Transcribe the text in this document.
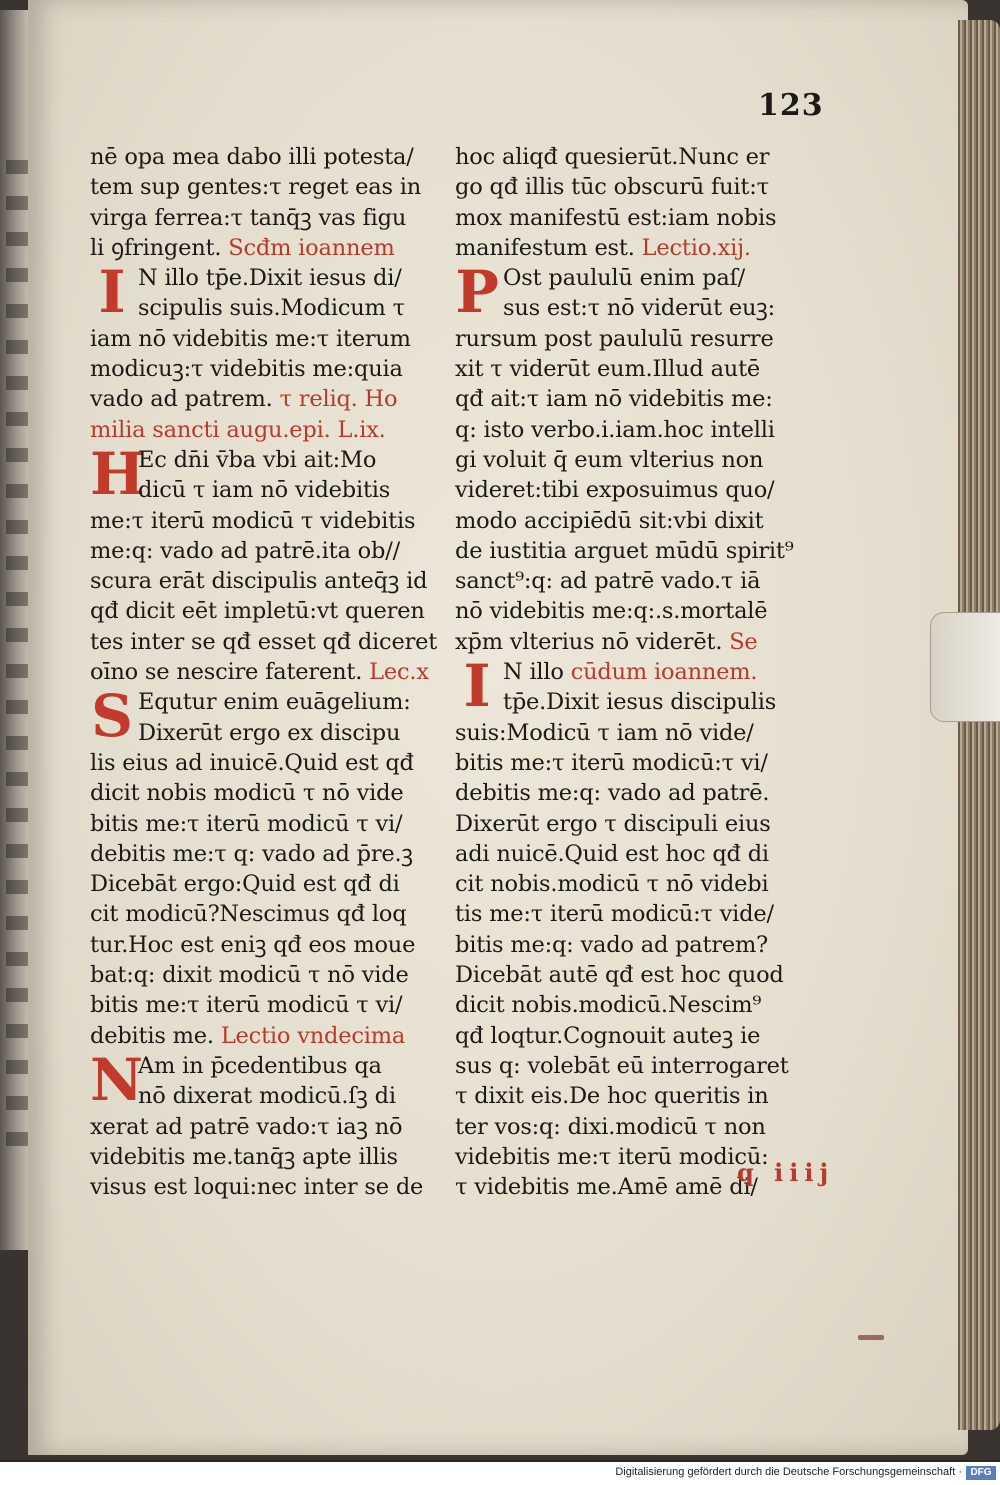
123
nē opa mea dabo illi potesta/
tem sup gentes:τ reget eas in
virga ferrea:τ tanq̄ꝫ vas figu
li ꝯfringent. Scđm ioannem
I N illo tp̄e.Dixit iesus di/
scipulis suis.Modicum τ
iam nō videbitis me:τ iterum
modicuꝫ:τ videbitis me:quia
vado ad patrem. τ reliq. Ho
milia sancti augu.epi. L.ix.
H
Ec dn̄i v̄ba vbi ait:Mo
dicū τ iam nō videbitis
me:τ iterū modicū τ videbitis
me:q: vado ad patrē.ita ob//
scura erāt discipulis anteq̄ꝫ id
qđ dicit eēt impletū:vt queren
tes inter se qđ esset qđ diceret
oīno se nescire faterent. Lec.x
S Equtur enim euāgelium:
Dixerūt ergo ex discipu
lis eius ad inuicē.Quid est qđ
dicit nobis modicū τ nō vide
bitis me:τ iterū modicū τ vi/
debitis me:τ q: vado ad p̄re.ꝫ
Dicebāt ergo:Quid est qđ di
cit modicū?Nescimus qđ loq
tur.Hoc est eniꝫ qđ eos moue
bat:q: dixit modicū τ nō vide
bitis me:τ iterū modicū τ vi/
debitis me. Lectio vndecima
N
Am in p̄cedentibus qa
nō dixerat modicū.ſꝫ di
xerat ad patrē vado:τ iaꝫ nō
videbitis me.tanq̄ꝫ apte illis
visus est loqui:nec inter se de
hoc aliqđ quesierūt.Nunc er
go qđ illis tūc obscurū fuit:τ
mox manifestū est:iam nobis
manifestum est. Lectio.xij.
P Ost paululū enim paſ/
sus est:τ nō viderūt euꝫ:
rursum post paululū resurre
xit τ viderūt eum.Illud autē
qđ ait:τ iam nō videbitis me:
q: isto verbo.i.iam.hoc intelli
gi voluit q̄ eum vlterius non
videret:tibi exposuimus quo/
modo accipiēdū sit:vbi dixit
de iustitia arguet mūdū spirit⁹
sanct⁹:q: ad patrē vado.τ iā
nō videbitis me:q:.s.mortalē
xp̄m vlterius nō viderēt. Se
I N illo cūdum ioannem.
tp̄e.Dixit iesus discipulis
suis:Modicū τ iam nō vide/
bitis me:τ iterū modicū:τ vi/
debitis me:q: vado ad patrē.
Dixerūt ergo τ discipuli eius
adi nuicē.Quid est hoc qđ di
cit nobis.modicū τ nō videbi
tis me:τ iterū modicū:τ vide/
bitis me:q: vado ad patrem?
Dicebāt autē qđ est hoc quod
dicit nobis.modicū.Nescim⁹
qđ loqtur.Cognouit auteꝫ ie
sus q: volebāt eū interrogaret
τ dixit eis.De hoc queritis in
ter vos:q: dixi.modicū τ non
videbitis me:τ iterū modicū:
τ videbitis me.Amē amē di/
q iiij
Digitalisierung gefördert durch die Deutsche Forschungsgemeinschaft · DFG
